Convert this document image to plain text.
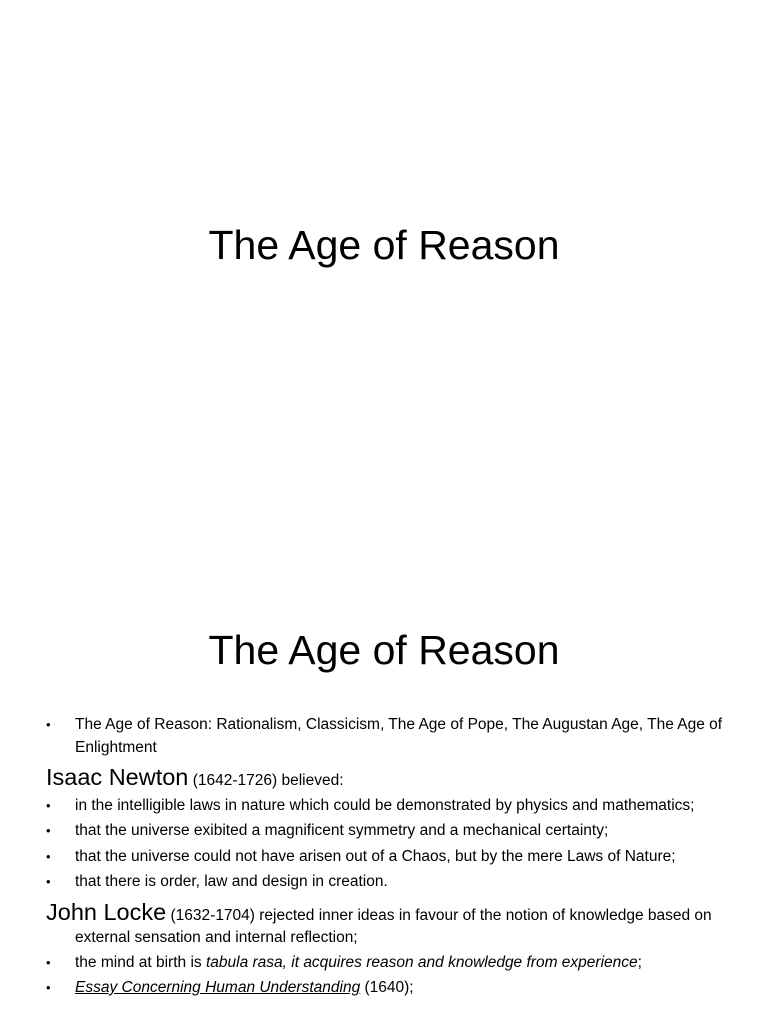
The Age of Reason
The Age of Reason
• The Age of Reason: Rationalism, Classicism, The Age of Pope, The Augustan Age, The Age of Enlightment
Isaac Newton (1642-1726) believed:
• in the intelligible laws in nature which could be demonstrated by physics and mathematics;
• that the universe exibited a magnificent symmetry and a mechanical certainty;
• that the universe could not have arisen out of a Chaos, but by the mere Laws of Nature;
• that there is order, law and design in creation.
John Locke (1632-1704) rejected inner ideas in favour of the notion of knowledge based on external sensation and internal reflection;
• the mind at birth is tabula rasa, it acquires reason and knowledge from experience;
• Essay Concerning Human Understanding (1640);
